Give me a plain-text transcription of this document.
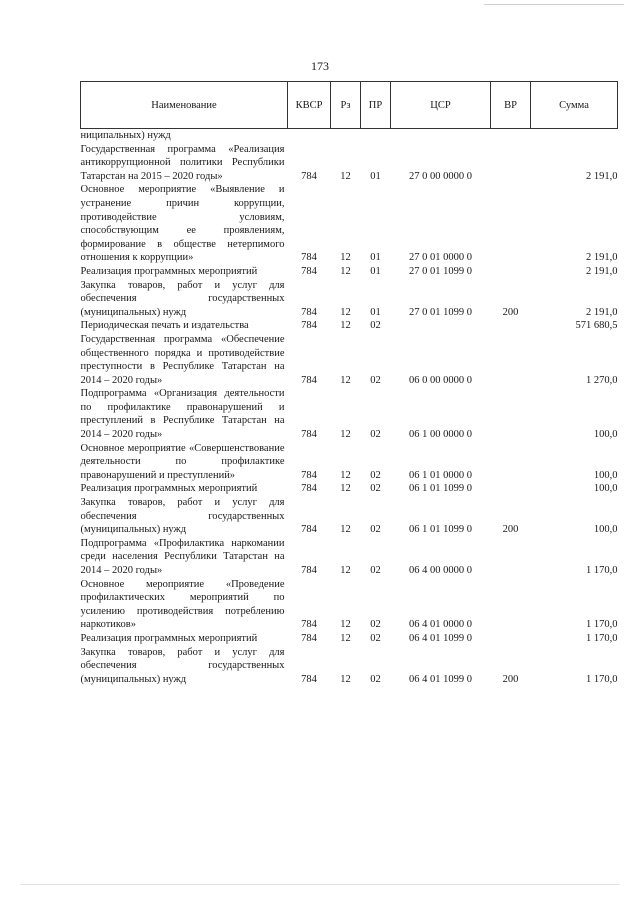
173
Наименование	КВСР	Рз	ПР	ЦСР	ВР	Сумма
ниципальных) нужд						
Государственная программа «Реализация антикоррупционной политики Республики Татарстан на 2015 – 2020 годы»	784	12	01	27 0 00 0000 0		2 191,0
Основное мероприятие «Выявление и устранение причин коррупции, противодействие условиям, способствующим ее проявлениям, формирование в обществе нетерпимого отношения к коррупции»	784	12	01	27 0 01 0000 0		2 191,0
Реализация программных мероприятий	784	12	01	27 0 01 1099 0		2 191,0
Закупка товаров, работ и услуг для обеспечения государственных (муниципальных) нужд	784	12	01	27 0 01 1099 0	200	2 191,0
Периодическая печать и издательства	784	12	02			571 680,5
Государственная программа «Обеспечение общественного порядка и противодействие преступности в Республике Татарстан на 2014 – 2020 годы»	784	12	02	06 0 00 0000 0		1 270,0
Подпрограмма «Организация деятельности по профилактике правонарушений и преступлений в Республике Татарстан на 2014 – 2020 годы»	784	12	02	06 1 00 0000 0		100,0
Основное мероприятие «Совершенствование деятельности по профилактике правонарушений и преступлений»	784	12	02	06 1 01 0000 0		100,0
Реализация программных мероприятий	784	12	02	06 1 01 1099 0		100,0
Закупка товаров, работ и услуг для обеспечения государственных (муниципальных) нужд	784	12	02	06 1 01 1099 0	200	100,0
Подпрограмма «Профилактика наркомании среди населения Республики Татарстан на 2014 – 2020 годы»	784	12	02	06 4 00 0000 0		1 170,0
Основное мероприятие «Проведение профилактических мероприятий по усилению противодействия потреблению наркотиков»	784	12	02	06 4 01 0000 0		1 170,0
Реализация программных мероприятий	784	12	02	06 4 01 1099 0		1 170,0
Закупка товаров, работ и услуг для обеспечения государственных (муниципальных) нужд	784	12	02	06 4 01 1099 0	200	1 170,0
